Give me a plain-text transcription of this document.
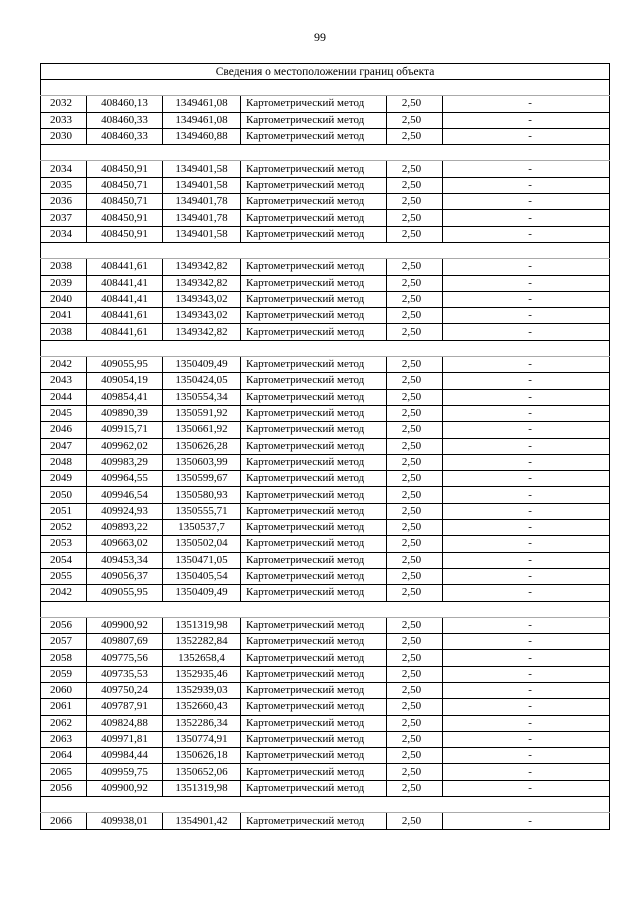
99
Сведения о местоположении границ объекта					

2032	408460,13	1349461,08	Картометрический метод	2,50	-
2033	408460,33	1349461,08	Картометрический метод	2,50	-
2030	408460,33	1349460,88	Картометрический метод	2,50	-

2034	408450,91	1349401,58	Картометрический метод	2,50	-
2035	408450,71	1349401,58	Картометрический метод	2,50	-
2036	408450,71	1349401,78	Картометрический метод	2,50	-
2037	408450,91	1349401,78	Картометрический метод	2,50	-
2034	408450,91	1349401,58	Картометрический метод	2,50	-

2038	408441,61	1349342,82	Картометрический метод	2,50	-
2039	408441,41	1349342,82	Картометрический метод	2,50	-
2040	408441,41	1349343,02	Картометрический метод	2,50	-
2041	408441,61	1349343,02	Картометрический метод	2,50	-
2038	408441,61	1349342,82	Картометрический метод	2,50	-

2042	409055,95	1350409,49	Картометрический метод	2,50	-
2043	409054,19	1350424,05	Картометрический метод	2,50	-
2044	409854,41	1350554,34	Картометрический метод	2,50	-
2045	409890,39	1350591,92	Картометрический метод	2,50	-
2046	409915,71	1350661,92	Картометрический метод	2,50	-
2047	409962,02	1350626,28	Картометрический метод	2,50	-
2048	409983,29	1350603,99	Картометрический метод	2,50	-
2049	409964,55	1350599,67	Картометрический метод	2,50	-
2050	409946,54	1350580,93	Картометрический метод	2,50	-
2051	409924,93	1350555,71	Картометрический метод	2,50	-
2052	409893,22	1350537,7	Картометрический метод	2,50	-
2053	409663,02	1350502,04	Картометрический метод	2,50	-
2054	409453,34	1350471,05	Картометрический метод	2,50	-
2055	409056,37	1350405,54	Картометрический метод	2,50	-
2042	409055,95	1350409,49	Картометрический метод	2,50	-

2056	409900,92	1351319,98	Картометрический метод	2,50	-
2057	409807,69	1352282,84	Картометрический метод	2,50	-
2058	409775,56	1352658,4	Картометрический метод	2,50	-
2059	409735,53	1352935,46	Картометрический метод	2,50	-
2060	409750,24	1352939,03	Картометрический метод	2,50	-
2061	409787,91	1352660,43	Картометрический метод	2,50	-
2062	409824,88	1352286,34	Картометрический метод	2,50	-
2063	409971,81	1350774,91	Картометрический метод	2,50	-
2064	409984,44	1350626,18	Картометрический метод	2,50	-
2065	409959,75	1350652,06	Картометрический метод	2,50	-
2056	409900,92	1351319,98	Картометрический метод	2,50	-

2066	409938,01	1354901,42	Картометрический метод	2,50	-
